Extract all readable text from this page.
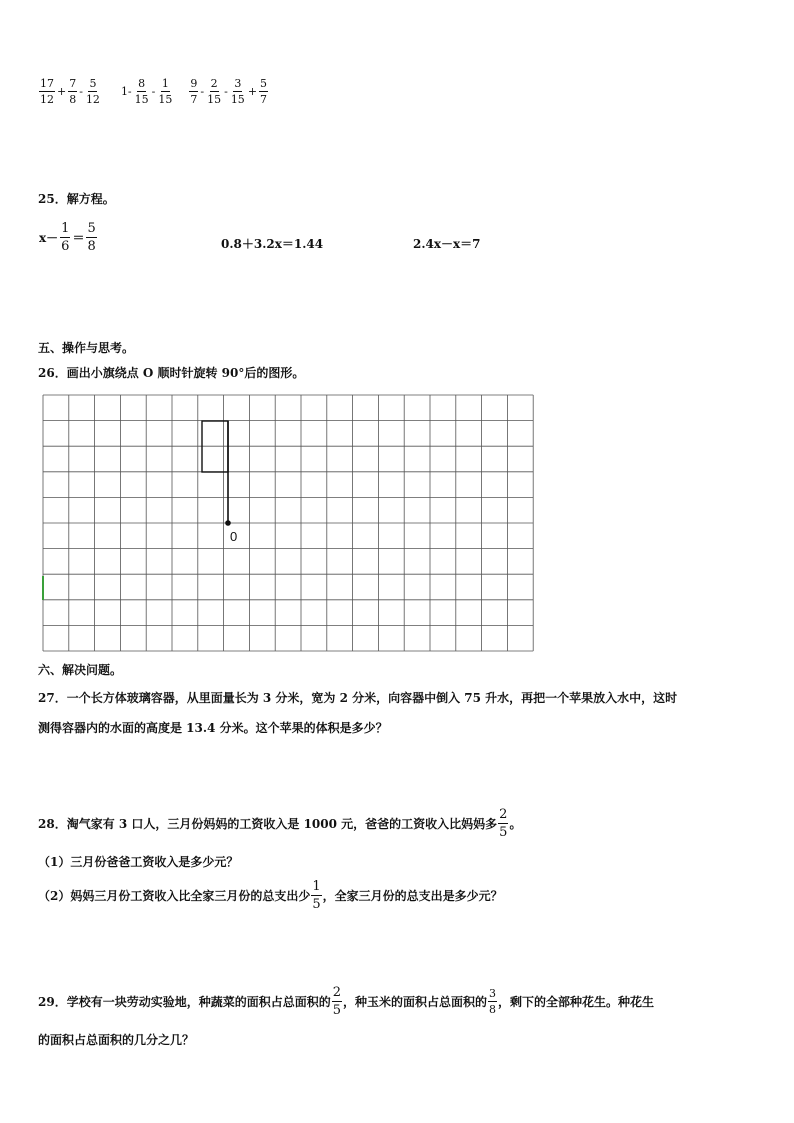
$\frac{17}{12} + \frac{7}{8} - \frac{5}{12} 1- \frac{8}{15} - \frac{1}{15} \frac{9}{7} - \frac{2}{15} - \frac{3}{15} + \frac{5}{7}$
25．解方程。
$x- \frac{1}{6} = \frac{5}{8}$	0.8＋3.2x＝1.44	2.4x－x＝7
五、操作与思考。
26．画出小旗绕点 O 顺时针旋转 90°后的图形。
0
六、解决问题。
27．一个长方体玻璃容器，从里面量长为 3 分米，宽为 2 分米，向容器中倒入 75 升水，再把一个苹果放入水中，这时
测得容器内的水面的高度是 13.4 分米。这个苹果的体积是多少？
28．淘气家有 3 口人，三月份妈妈的工资收入是 1000 元，爸爸的工资收入比妈妈多 $\frac{2}{5}$ 。
（1）三月份爸爸工资收入是多少元？
（2）妈妈三月份工资收入比全家三月份的总支出少 $\frac{1}{5}$ ，全家三月份的总支出是多少元？
29．学校有一块劳动实验地，种蔬菜的面积占总面积的 $\frac{2}{5}$ ，种玉米的面积占总面积的 $\frac{3}{8}$ ，剩下的全部种花生。种花生
的面积占总面积的几分之几？
